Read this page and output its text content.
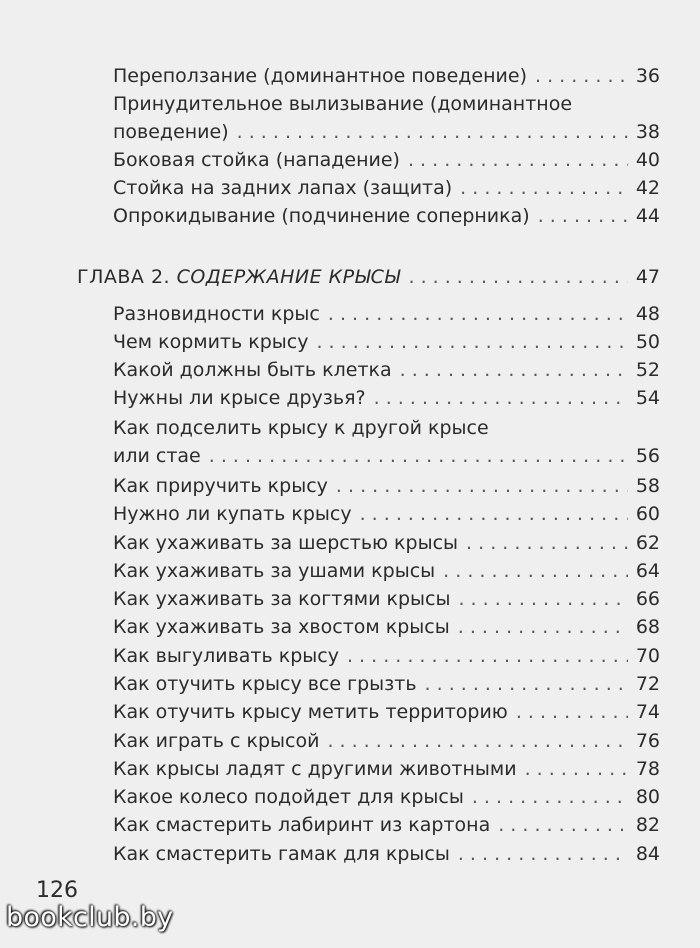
Переползание (доминантное поведение) . . .	36
Принудительное вылизывание (доминантное
поведение) . . .	38
Боковая стойка (нападение) . . .	40
Стойка на задних лапах (защита) . . .	42
Опрокидывание (подчинение соперника) . . .	44
ГЛАВА 2. СОДЕРЖАНИЕ КРЫСЫ . . .	47
Разновидности крыс . . .	48
Чем кормить крысу . . .	50
Какой должны быть клетка . . .	52
Нужны ли крысе друзья? . . .	54
Как подселить крысу к другой крысе
или стае . . .	56
Как приручить крысу . . .	58
Нужно ли купать крысу . . .	60
Как ухаживать за шерстью крысы . . .	62
Как ухаживать за ушами крысы . . .	64
Как ухаживать за когтями крысы . . .	66
Как ухаживать за хвостом крысы . . .	68
Как выгуливать крысу . . .	70
Как отучить крысу все грызть . . .	72
Как отучить крысу метить территорию . . .	74
Как играть с крысой . . .	76
Как крысы ладят с другими животными . . .	78
Какое колесо подойдет для крысы . . .	80
Как смастерить лабиринт из картона . . .	82
Как смастерить гамак для крысы . . .	84
126
bookclub.by
